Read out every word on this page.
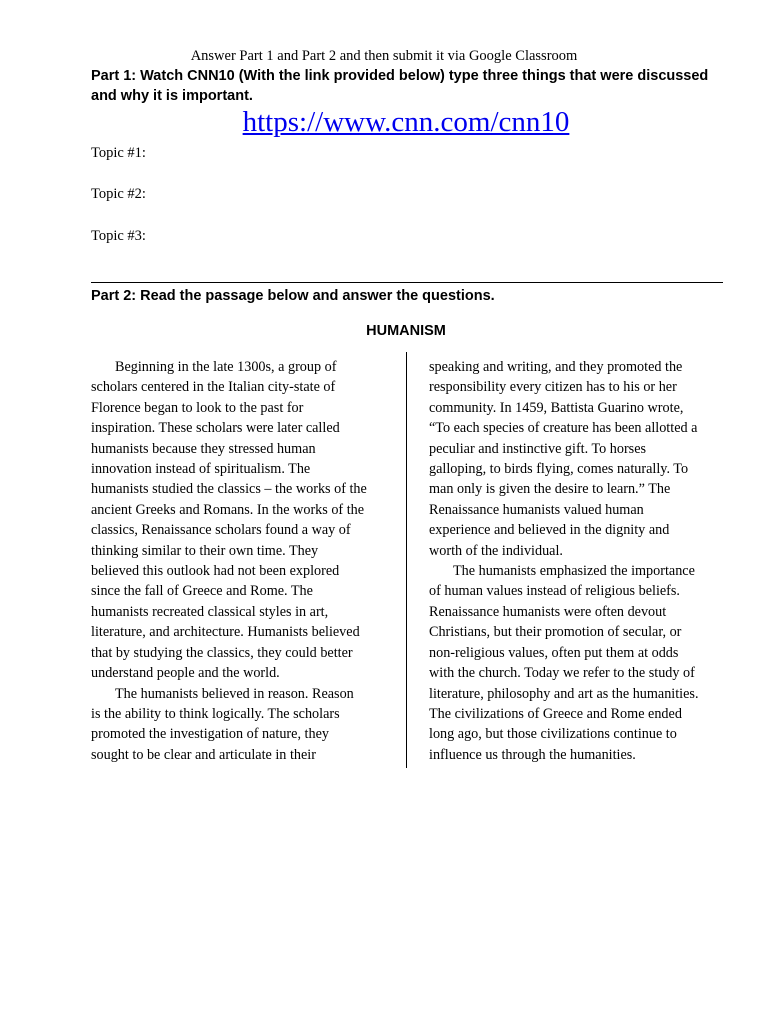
Answer Part 1 and Part 2 and then submit it via Google Classroom
Part 1: Watch CNN10 (With the link provided below) type three things that were discussed and why it is important.
https://www.cnn.com/cnn10
Topic #1:
Topic #2:
Topic #3:
Part 2: Read the passage below and answer the questions.
HUMANISM

Beginning in the late 1300s, a group of
scholars centered in the Italian city-state of
Florence began to look to the past for
inspiration. These scholars were later called
humanists because they stressed human
innovation instead of spiritualism. The
humanists studied the classics – the works of the
ancient Greeks and Romans. In the works of the
classics, Renaissance scholars found a way of
thinking similar to their own time. They
believed this outlook had not been explored
since the fall of Greece and Rome. The
humanists recreated classical styles in art,
literature, and architecture. Humanists believed
that by studying the classics, they could better
understand people and the world.

The humanists believed in reason. Reason
is the ability to think logically. The scholars
promoted the investigation of nature, they
sought to be clear and articulate in their

speaking and writing, and they promoted the
responsibility every citizen has to his or her
community. In 1459, Battista Guarino wrote,
“To each species of creature has been allotted a
peculiar and instinctive gift. To horses
galloping, to birds flying, comes naturally. To
man only is given the desire to learn.” The
Renaissance humanists valued human
experience and believed in the dignity and
worth of the individual.

The humanists emphasized the importance
of human values instead of religious beliefs.
Renaissance humanists were often devout
Christians, but their promotion of secular, or
non-religious values, often put them at odds
with the church. Today we refer to the study of
literature, philosophy and art as the humanities.
The civilizations of Greece and Rome ended
long ago, but those civilizations continue to
influence us through the humanities.
